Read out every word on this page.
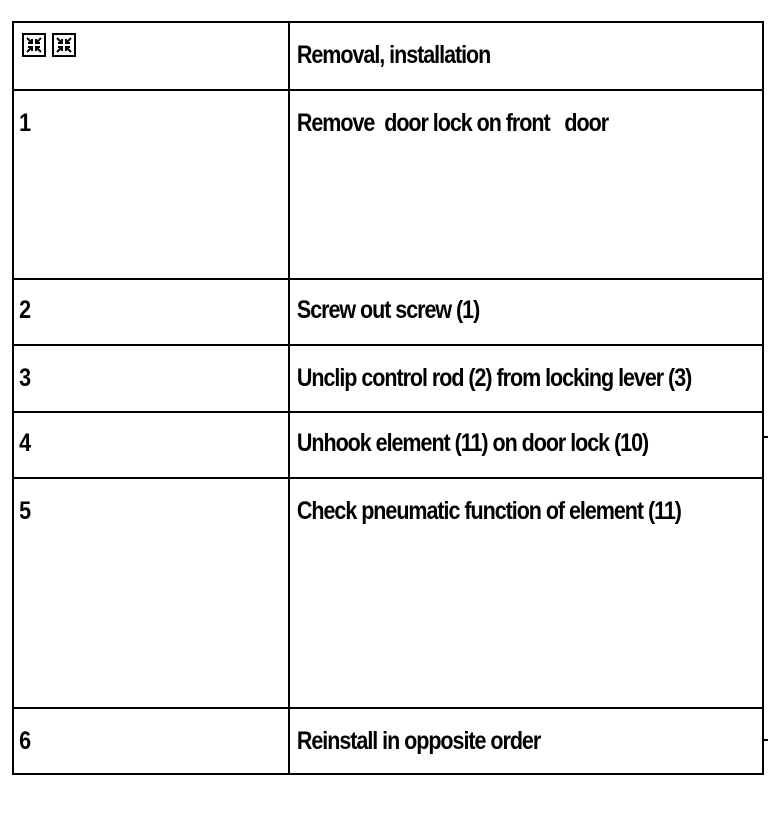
Removal, installation

1	Remove  door lock on front   door

2	Screw out screw (1)

3	Unclip control rod (2) from locking lever (3)

4	Unhook element (11) on door lock (10)

5	Check pneumatic function of element (11)

6	Reinstall in opposite order
